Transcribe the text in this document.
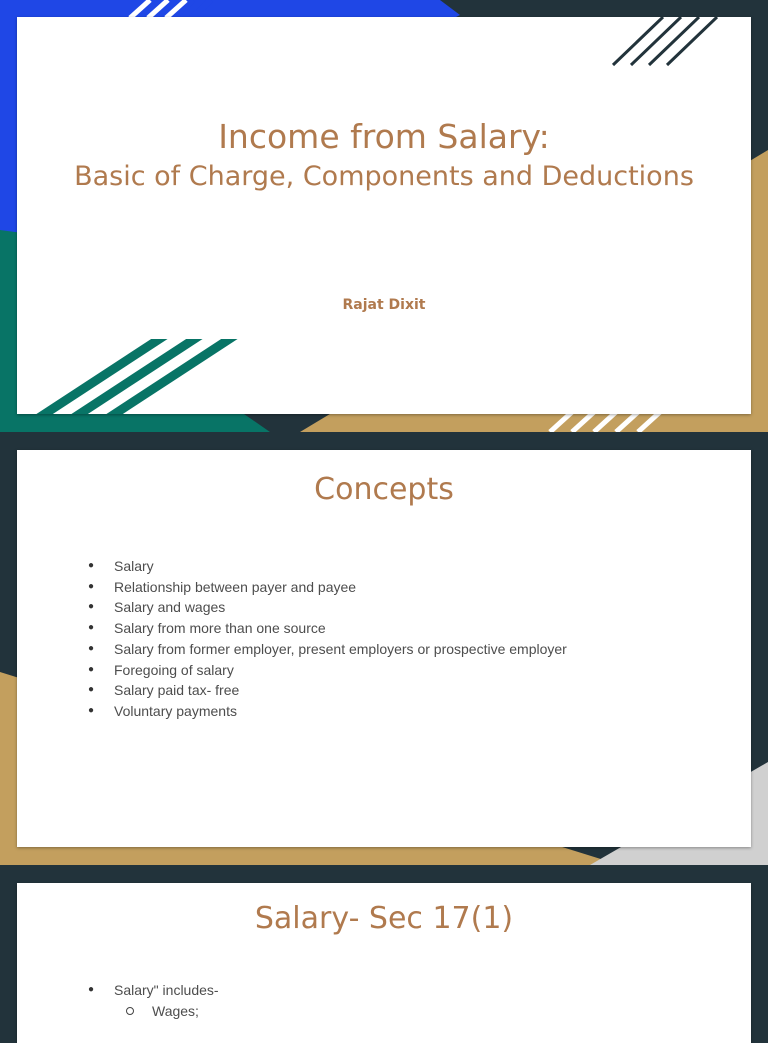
Income from Salary:
Basic of Charge, Components and Deductions
Rajat Dixit
Concepts
● Salary
● Relationship between payer and payee
● Salary and wages
● Salary from more than one source
● Salary from former employer, present employers or prospective employer
● Foregoing of salary
● Salary paid tax- free
● Voluntary payments
Salary- Sec 17(1)
● Salary" includes-
Wages;
